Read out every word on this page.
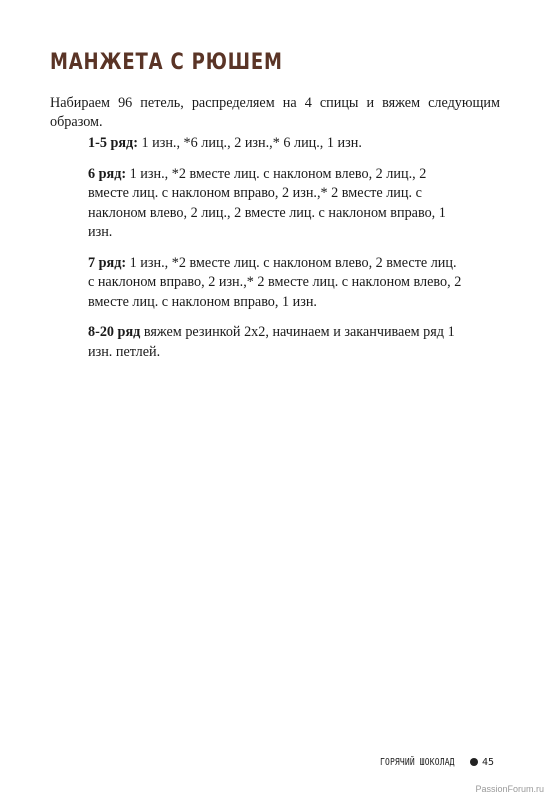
МАНЖЕТА С РЮШЕМ

Набираем 96 петель, распределяем на 4 спицы и вяжем следующим образом.

1-5 ряд: 1 изн., *6 лиц., 2 изн.,* 6 лиц., 1 изн.

6 ряд: 1 изн., *2 вместе лиц. с наклоном влево, 2 лиц., 2 вместе лиц. с наклоном вправо, 2 изн.,* 2 вместе лиц. с наклоном влево, 2 лиц., 2 вместе лиц. с наклоном вправо, 1 изн.

7 ряд: 1 изн., *2 вместе лиц. с наклоном влево, 2 вместе лиц. с наклоном вправо, 2 изн.,* 2 вместе лиц. с наклоном влево, 2 вместе лиц. с наклоном вправо, 1 изн.

8-20 ряд вяжем резинкой 2х2, начинаем и заканчиваем ряд 1 изн. петлей.

ГОРЯЧИЙ ШОКОЛАД	45
PassionForum.ru
